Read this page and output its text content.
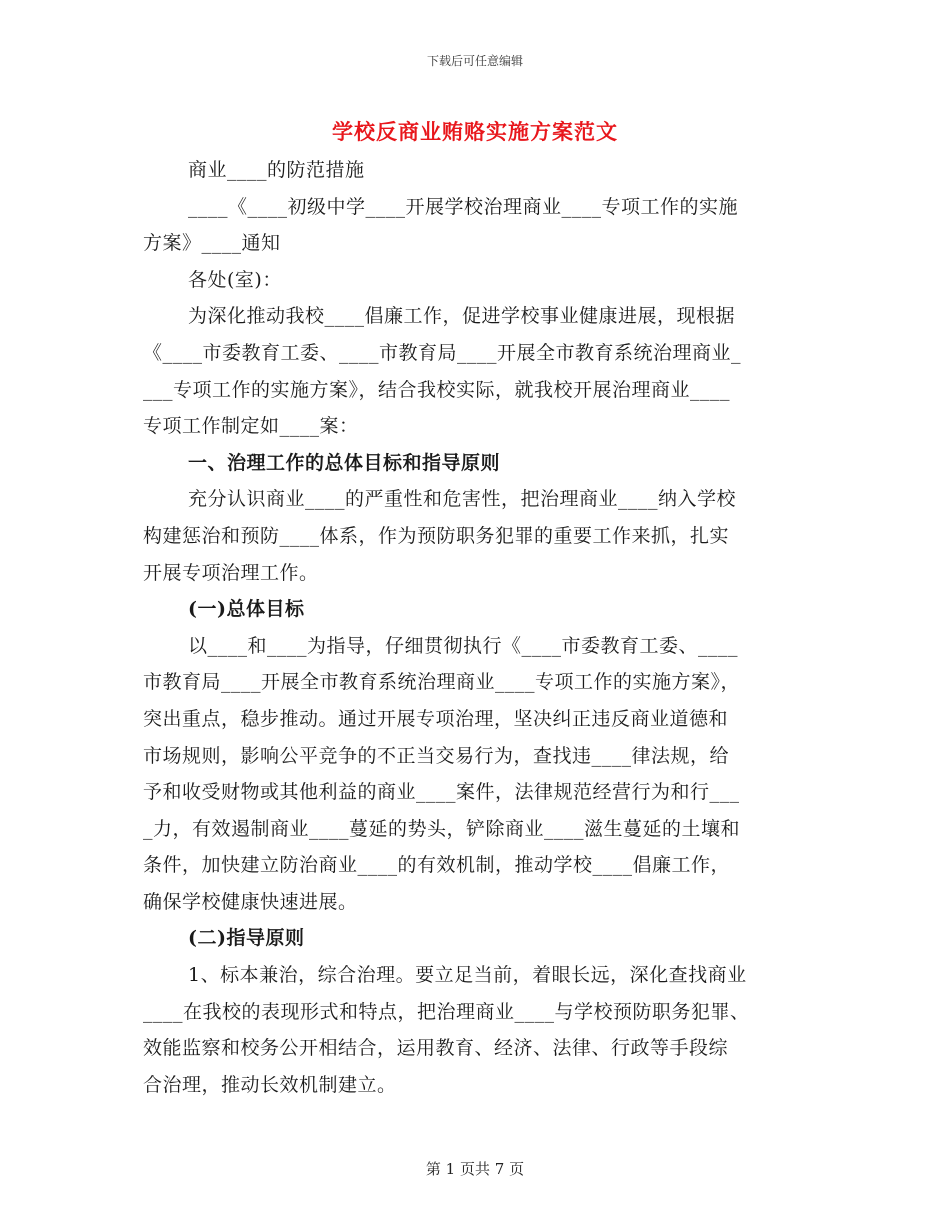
下载后可任意编辑
学校反商业贿赂实施方案范文
商业____的防范措施
____《____初级中学____开展学校治理商业____专项工作的实施
方案》____通知
各处(室)：
为深化推动我校____倡廉工作，促进学校事业健康进展，现根据
《____市委教育工委、____市教育局____开展全市教育系统治理商业_
___专项工作的实施方案》，结合我校实际，就我校开展治理商业____
专项工作制定如____案：
一、治理工作的总体目标和指导原则
充分认识商业____的严重性和危害性，把治理商业____纳入学校
构建惩治和预防____体系，作为预防职务犯罪的重要工作来抓，扎实
开展专项治理工作。
(一)总体目标
以____和____为指导，仔细贯彻执行《____市委教育工委、____
市教育局____开展全市教育系统治理商业____专项工作的实施方案》，
突出重点，稳步推动。通过开展专项治理，坚决纠正违反商业道德和
市场规则，影响公平竞争的不正当交易行为，查找违____律法规，给
予和收受财物或其他利益的商业____案件，法律规范经营行为和行___
_力，有效遏制商业____蔓延的势头，铲除商业____滋生蔓延的土壤和
条件，加快建立防治商业____的有效机制，推动学校____倡廉工作，
确保学校健康快速进展。
(二)指导原则
1、标本兼治，综合治理。要立足当前，着眼长远，深化查找商业
____在我校的表现形式和特点，把治理商业____与学校预防职务犯罪、
效能监察和校务公开相结合，运用教育、经济、法律、行政等手段综
合治理，推动长效机制建立。
第 1 页共 7 页
